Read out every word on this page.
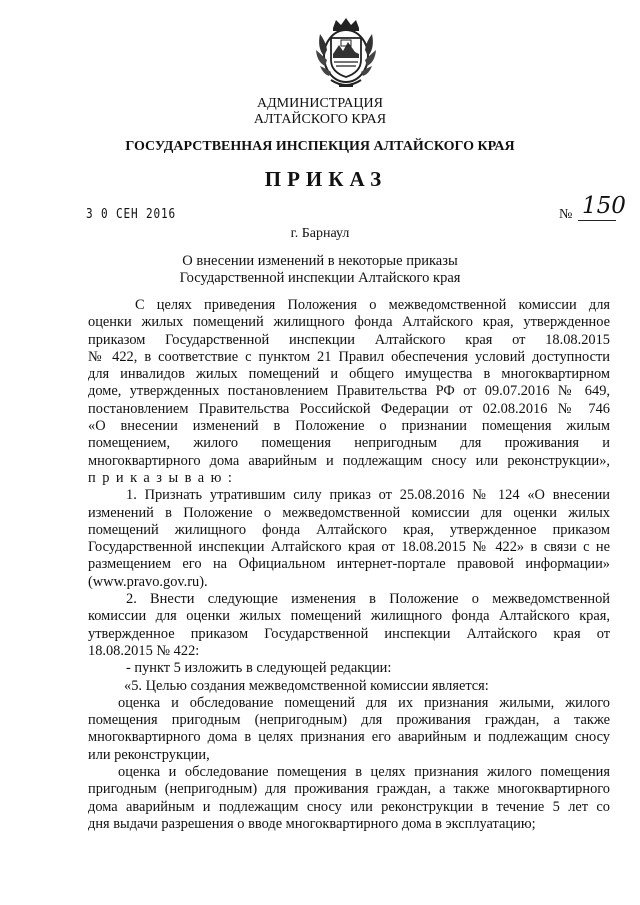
АДМИНИСТРАЦИЯ
АЛТАЙСКОГО КРАЯ
ГОСУДАРСТВЕННАЯ ИНСПЕКЦИЯ АЛТАЙСКОГО КРАЯ
ПРИКАЗ
3 0 СЕН 2016	№ 150
г. Барнаул
О внесении изменений в некоторые приказы
Государственной инспекции Алтайского края
С целях приведения Положения о межведомственной комиссии для
оценки жилых помещений жилищного фонда Алтайского края, утвержденное
приказом Государственной инспекции Алтайского края от 18.08.2015
№ 422, в соответствие с пунктом 21 Правил обеспечения условий доступности
для инвалидов жилых помещений и общего имущества в многоквартирном
доме, утвержденных постановлением Правительства РФ от 09.07.2016 № 649,
постановлением Правительства Российской Федерации от 02.08.2016 № 746
«О внесении изменений в Положение о признании помещения жилым
помещением, жилого помещения непригодным для проживания и
многоквартирного дома аварийным и подлежащим сносу или реконструкции»,
приказываю:
1. Признать утратившим силу приказ от 25.08.2016 № 124 «О внесении
изменений в Положение о межведомственной комиссии для оценки жилых
помещений жилищного фонда Алтайского края, утвержденное приказом
Государственной инспекции Алтайского края от 18.08.2015 № 422» в связи с не
размещением его на Официальном интернет-портале правовой информации»
(www.pravo.gov.ru).
2. Внести следующие изменения в Положение о межведомственной
комиссии для оценки жилых помещений жилищного фонда Алтайского края,
утвержденное приказом Государственной инспекции Алтайского края от
18.08.2015 № 422:
- пункт 5 изложить в следующей редакции:
«5. Целью создания межведомственной комиссии является:
оценка и обследование помещений для их признания жилыми, жилого
помещения пригодным (непригодным) для проживания граждан, а также
многоквартирного дома в целях признания его аварийным и подлежащим сносу
или реконструкции,
оценка и обследование помещения в целях признания жилого помещения
пригодным (непригодным) для проживания граждан, а также многоквартирного
дома аварийным и подлежащим сносу или реконструкции в течение 5 лет со
дня выдачи разрешения о вводе многоквартирного дома в эксплуатацию;
